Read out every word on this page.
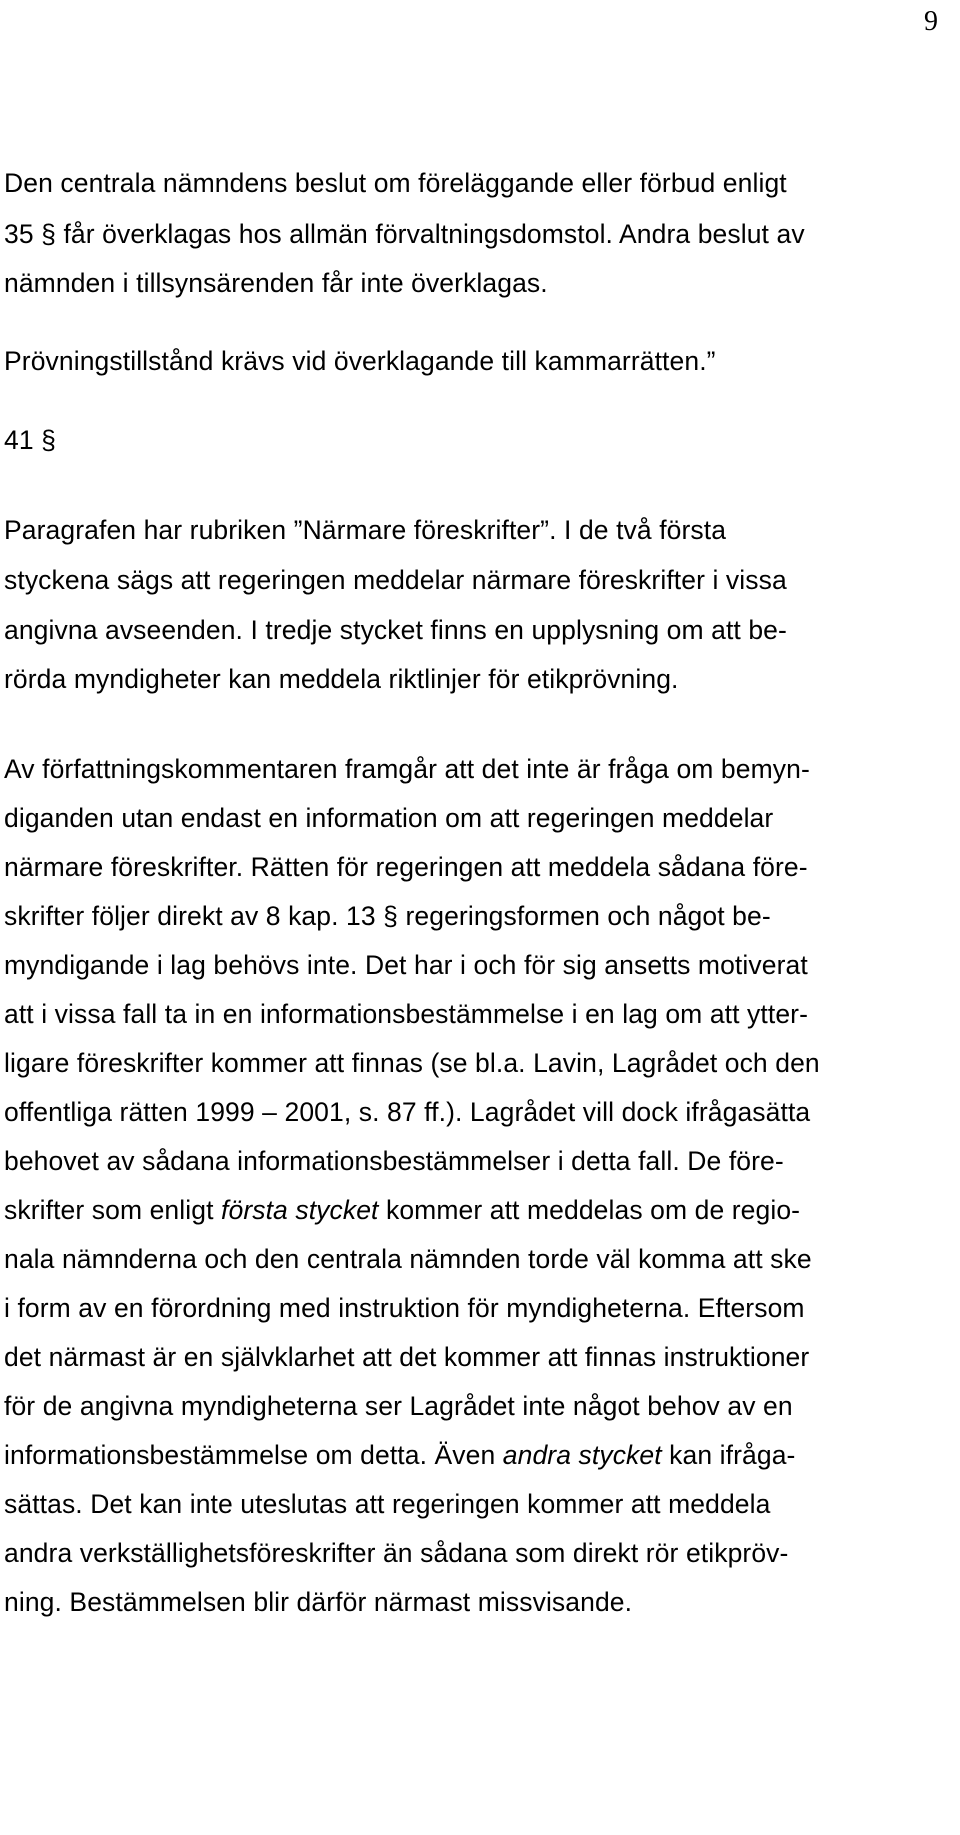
9
Den centrala nämndens beslut om föreläggande eller förbud enligt
35 § får överklagas hos allmän förvaltningsdomstol. Andra beslut av
nämnden i tillsynsärenden får inte överklagas.
Prövningstillstånd krävs vid överklagande till kammarrätten.”
41 §
Paragrafen har rubriken ”Närmare föreskrifter”. I de två första
styckena sägs att regeringen meddelar närmare föreskrifter i vissa
angivna avseenden. I tredje stycket finns en upplysning om att be-
rörda myndigheter kan meddela riktlinjer för etikprövning.
Av författningskommentaren framgår att det inte är fråga om bemyn-
diganden utan endast en information om att regeringen meddelar
närmare föreskrifter. Rätten för regeringen att meddela sådana före-
skrifter följer direkt av 8 kap. 13 § regeringsformen och något be-
myndigande i lag behövs inte. Det har i och för sig ansetts motiverat
att i vissa fall ta in en informationsbestämmelse i en lag om att ytter-
ligare föreskrifter kommer att finnas (se bl.a. Lavin, Lagrådet och den
offentliga rätten 1999 – 2001, s. 87 ff.). Lagrådet vill dock ifrågasätta
behovet av sådana informationsbestämmelser i detta fall. De före-
skrifter som enligt första stycket kommer att meddelas om de regio-
nala nämnderna och den centrala nämnden torde väl komma att ske
i form av en förordning med instruktion för myndigheterna. Eftersom
det närmast är en självklarhet att det kommer att finnas instruktioner
för de angivna myndigheterna ser Lagrådet inte något behov av en
informationsbestämmelse om detta. Även andra stycket kan ifråga-
sättas. Det kan inte uteslutas att regeringen kommer att meddela
andra verkställighetsföreskrifter än sådana som direkt rör etikpröv-
ning. Bestämmelsen blir därför närmast missvisande.
